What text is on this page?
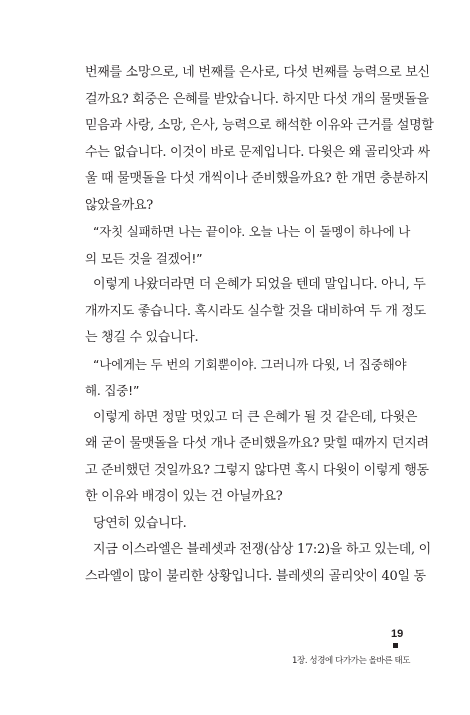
번째를 소망으로, 네 번째를 은사로, 다섯 번째를 능력으로 보신
걸까요? 회중은 은혜를 받았습니다. 하지만 다섯 개의 물맷돌을
믿음과 사랑, 소망, 은사, 능력으로 해석한 이유와 근거를 설명할
수는 없습니다. 이것이 바로 문제입니다. 다윗은 왜 골리앗과 싸
울 때 물맷돌을 다섯 개씩이나 준비했을까요? 한 개면 충분하지
않았을까요?
“자칫 실패하면 나는 끝이야. 오늘 나는 이 돌멩이 하나에 나
의 모든 것을 걸겠어!”
이렇게 나왔더라면 더 은혜가 되었을 텐데 말입니다. 아니, 두
개까지도 좋습니다. 혹시라도 실수할 것을 대비하여 두 개 정도
는 챙길 수 있습니다.
“나에게는 두 번의 기회뿐이야. 그러니까 다윗, 너 집중해야
해. 집중!”
이렇게 하면 정말 멋있고 더 큰 은혜가 될 것 같은데, 다윗은
왜 굳이 물맷돌을 다섯 개나 준비했을까요? 맞힐 때까지 던지려
고 준비했던 것일까요? 그렇지 않다면 혹시 다윗이 이렇게 행동
한 이유와 배경이 있는 건 아닐까요?
당연히 있습니다.
지금 이스라엘은 블레셋과 전쟁(삼상 17:2)을 하고 있는데, 이
스라엘이 많이 불리한 상황입니다. 블레셋의 골리앗이 40일 동
19
1장. 성경에 다가가는 올바른 태도
